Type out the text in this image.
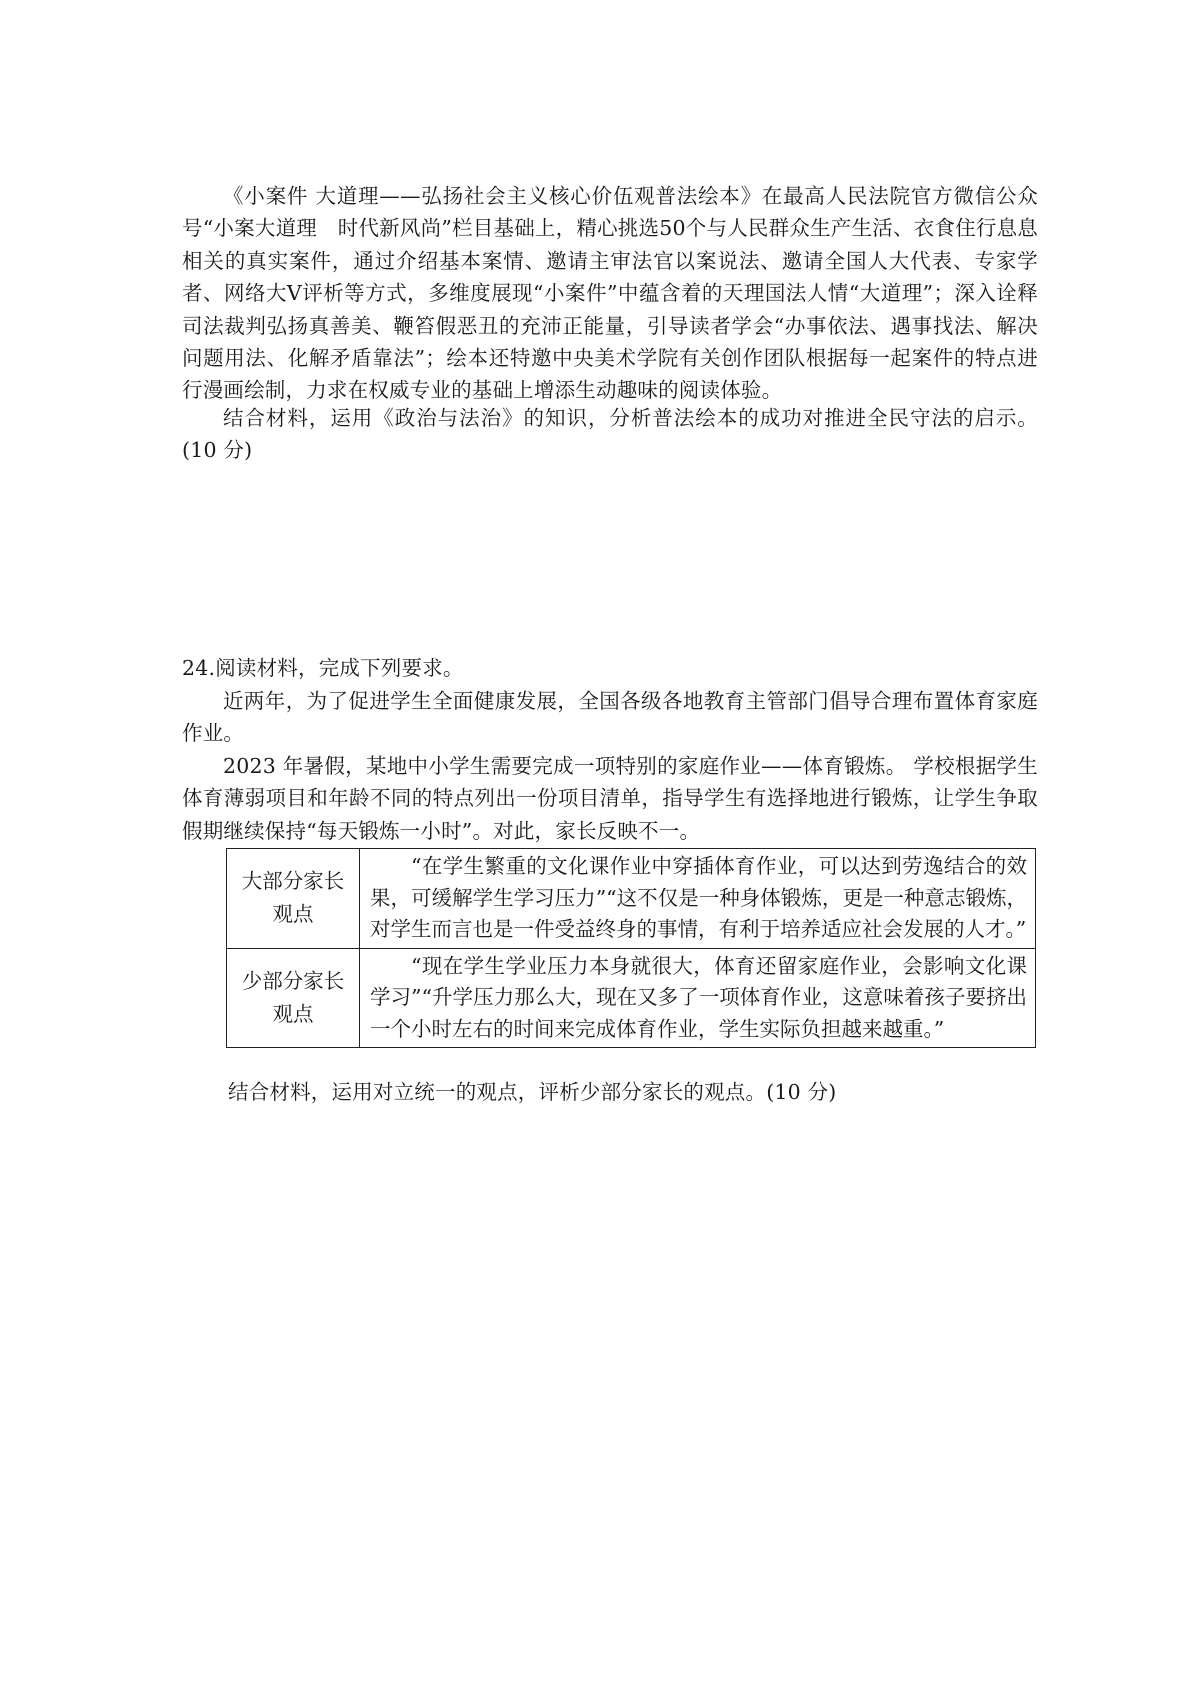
《小案件 大道理——弘扬社会主义核心价伍观普法绘本》在最高人民法院官方微信公众号“小案大道理　时代新风尚”栏目基础上，精心挑选50个与人民群众生产生活、衣食住行息息相关的真实案件，通过介绍基本案情、邀请主审法官以案说法、邀请全国人大代表、专家学者、网络大V评析等方式，多维度展现“小案件”中蕴含着的天理国法人情“大道理”；深入诠释司法裁判弘扬真善美、鞭笞假恶丑的充沛正能量，引导读者学会“办事依法、遇事找法、解决问题用法、化解矛盾靠法”；绘本还特邀中央美术学院有关创作团队根据每一起案件的特点进行漫画绘制，力求在权威专业的基础上增添生动趣味的阅读体验。

结合材料，运用《政治与法治》的知识，分析普法绘本的成功对推进全民守法的启示。(10 分)

24.阅读材料，完成下列要求。

近两年，为了促进学生全面健康发展，全国各级各地教育主管部门倡导合理布置体育家庭作业。

2023 年暑假，某地中小学生需要完成一项特别的家庭作业——体育锻炼。 学校根据学生体育薄弱项目和年龄不同的特点列出一份项目清单，指导学生有选择地进行锻炼，让学生争取假期继续保持“每天锻炼一小时”。对此，家长反映不一。

大部分家长观点	“在学生繁重的文化课作业中穿插体育作业，可以达到劳逸结合的效果，可缓解学生学习压力”“这不仅是一种身体锻炼，更是一种意志锻炼，对学生而言也是一件受益终身的事情，有利于培养适应社会发展的人才。”
少部分家长观点	“现在学生学业压力本身就很大，体育还留家庭作业，会影响文化课学习”“升学压力那么大，现在又多了一项体育作业，这意味着孩子要挤出一个小时左右的时间来完成体育作业，学生实际负担越来越重。”

结合材料，运用对立统一的观点，评析少部分家长的观点。(10 分)
